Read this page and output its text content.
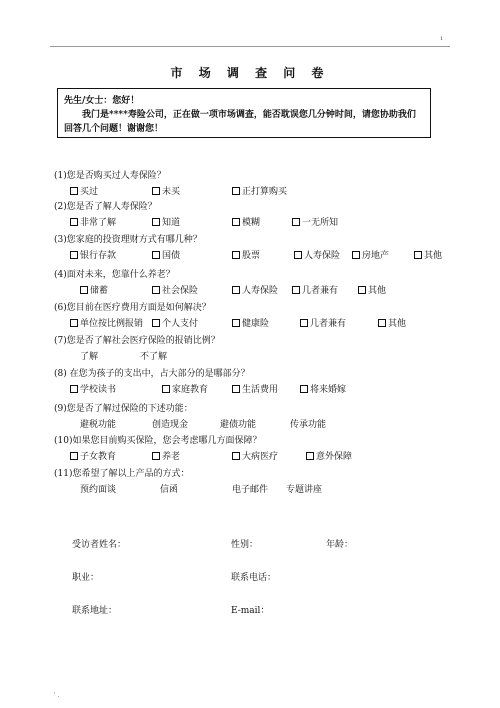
1
市 场 调 查 问 卷
先生/女士：您好！
我门是****寿险公司，正在做一项市场调查，能否耽误您几分钟时间，请您协助我们回答几个问题！谢谢您！
(1)您是否购买过人寿保险？
买过	未买	正打算购买
(2)您是否了解人寿保险？
非常了解	知道	模糊	一无所知
(3)您家庭的投资理财方式有哪几种？
银行存款	国债	股票	人寿保险	房地产	其他
(4)面对未来，您靠什么养老？
储蓄	社会保险	人寿保险	几者兼有	其他
(6)您目前在医疗费用方面是如何解决？
单位按比例报销	个人支付	健康险	几者兼有	其他
(7)您是否了解社会医疗保险的报销比例？
了解	不了解
(8) 在您为孩子的支出中，占大部分的是哪部分？
学校读书	家庭教育	生活费用	将来婚嫁
(9)您是否了解过保险的下述功能：
避税功能	创造现金	避债功能	传承功能
(10)如果您目前购买保险，您会考虑哪几方面保障？
子女教育	养老	大病医疗	意外保障
(11)您希望了解以上产品的方式：
预约面谈	信函	电子邮件 专题讲座
受访者姓名：	性别：	年龄：
职业：	联系电话：
联系地址：	E-mail：
' .
